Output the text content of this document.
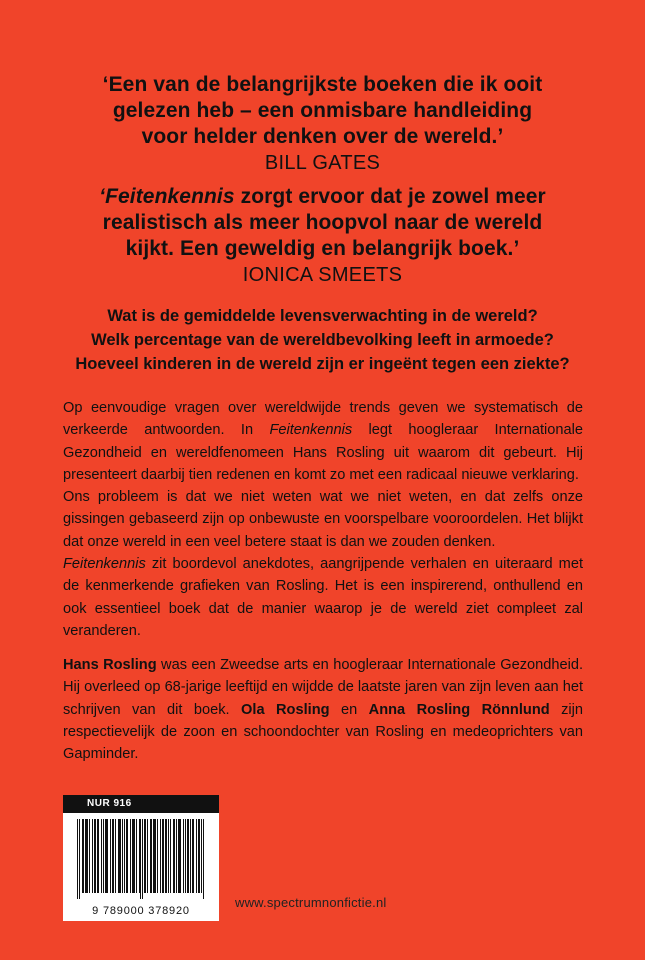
‘Een van de belangrijkste boeken die ik ooit
gelezen heb – een onmisbare handleiding
voor helder denken over de wereld.’
BILL GATES
‘Feitenkennis zorgt ervoor dat je zowel meer
realistisch als meer hoopvol naar de wereld
kijkt. Een geweldig en belangrijk boek.’
IONICA SMEETS
Wat is de gemiddelde levensverwachting in de wereld?
Welk percentage van de wereldbevolking leeft in armoede?
Hoeveel kinderen in de wereld zijn er ingeënt tegen een ziekte?
Op eenvoudige vragen over wereldwijde trends geven we systematisch de verkeerde antwoorden. In Feitenkennis legt hoogleraar Internationale Gezondheid en wereldfenomeen Hans Rosling uit waarom dit gebeurt. Hij presenteert daarbij tien redenen en komt zo met een radicaal nieuwe verklaring.
Ons probleem is dat we niet weten wat we niet weten, en dat zelfs onze gissingen gebaseerd zijn op onbewuste en voorspelbare vooroordelen. Het blijkt dat onze wereld in een veel betere staat is dan we zouden denken.
Feitenkennis zit boordevol anekdotes, aangrijpende verhalen en uiteraard met de kenmerkende grafieken van Rosling. Het is een inspirerend, onthullend en ook essentieel boek dat de manier waarop je de wereld ziet compleet zal veranderen.
Hans Rosling was een Zweedse arts en hoogleraar Internationale Gezondheid. Hij overleed op 68-jarige leeftijd en wijdde de laatste jaren van zijn leven aan het schrijven van dit boek. Ola Rosling en Anna Rosling Rönnlund zijn respectievelijk de zoon en schoondochter van Rosling en medeoprichters van Gapminder.
NUR 916
9 789000 378920
www.spectrumnonfictie.nl
